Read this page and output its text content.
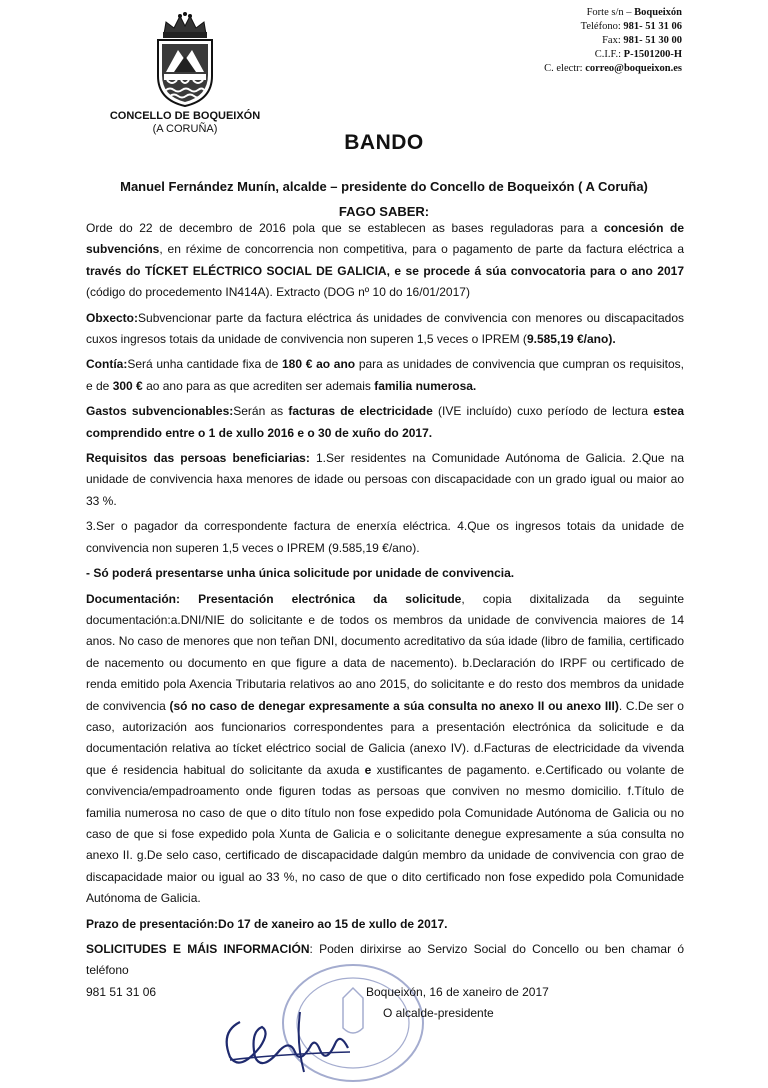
CONCELLO DE BOQUEIXÓN
(A CORUÑA)
Forte s/n – Boqueixón
Teléfono: 981- 51 31 06
Fax: 981- 51 30 00
C.I.F.: P-1501200-H
C. electr: correo@boqueixon.es
BANDO
Manuel Fernández Munín, alcalde – presidente do Concello de Boqueixón ( A Coruña)
FAGO SABER:

Orde do 22 de decembro de 2016 pola que se establecen as bases reguladoras para a concesión de subvencións, en réxime de concorrencia non competitiva, para o pagamento de parte da factura eléctrica a través do TÍCKET ELÉCTRICO SOCIAL DE GALICIA, e se procede á súa convocatoria para o ano 2017 (código do procedemento IN414A). Extracto (DOG nº 10 do 16/01/2017)

Obxecto:Subvencionar parte da factura eléctrica ás unidades de convivencia con menores ou discapacitados cuxos ingresos totais da unidade de convivencia non superen 1,5 veces o IPREM (9.585,19 €/ano).

Contía:Será unha cantidade fixa de 180 € ao ano para as unidades de convivencia que cumpran os requisitos, e de 300 € ao ano para as que acrediten ser ademais familia numerosa.

Gastos subvencionables:Serán as facturas de electricidade (IVE incluído) cuxo período de lectura estea comprendido entre o 1 de xullo 2016 e o 30 de xuño do 2017.

Requisitos das persoas beneficiarias: 1.Ser residentes na Comunidade Autónoma de Galicia. 2.Que na unidade de convivencia haxa menores de idade ou persoas con discapacidade con un grado igual ou maior ao 33 %.

3.Ser o pagador da correspondente factura de enerxía eléctrica. 4.Que os ingresos totais da unidade de convivencia non superen 1,5 veces o IPREM (9.585,19 €/ano).

- Só poderá presentarse unha única solicitude por unidade de convivencia.

Documentación: Presentación electrónica da solicitude, copia dixitalizada da seguinte documentación:a.DNI/NIE do solicitante e de todos os membros da unidade de convivencia maiores de 14 anos. No caso de menores que non teñan DNI, documento acreditativo da súa idade (libro de familia, certificado de nacemento ou documento en que figure a data de nacemento). b.Declaración do IRPF ou certificado de renda emitido pola Axencia Tributaria relativos ao ano 2015, do solicitante e do resto dos membros da unidade de convivencia (só no caso de denegar expresamente a súa consulta no anexo II ou anexo III). C.De ser o caso, autorización aos funcionarios correspondentes para a presentación electrónica da solicitude e da documentación relativa ao tícket eléctrico social de Galicia (anexo IV). d.Facturas de electricidade da vivenda que é residencia habitual do solicitante da axuda e xustificantes de pagamento. e.Certificado ou volante de convivencia/empadroamento onde figuren todas as persoas que conviven no mesmo domicilio. f.Título de familia numerosa no caso de que o dito título non fose expedido pola Comunidade Autónoma de Galicia ou no caso de que si fose expedido pola Xunta de Galicia e o solicitante denegue expresamente a súa consulta no anexo II. g.De selo caso, certificado de discapacidade dalgún membro da unidade de convivencia con grao de discapacidade maior ou igual ao 33 %, no caso de que o dito certificado non fose expedido pola Comunidade Autónoma de Galicia.

Prazo de presentación:Do 17 de xaneiro ao 15 de xullo de 2017.

SOLICITUDES E MÁIS INFORMACIÓN: Poden dirixirse ao Servizo Social do Concello ou ben chamar ó teléfono

981 51 31 06	Boqueixón, 16 de xaneiro de 2017
O alcalde-presidente
